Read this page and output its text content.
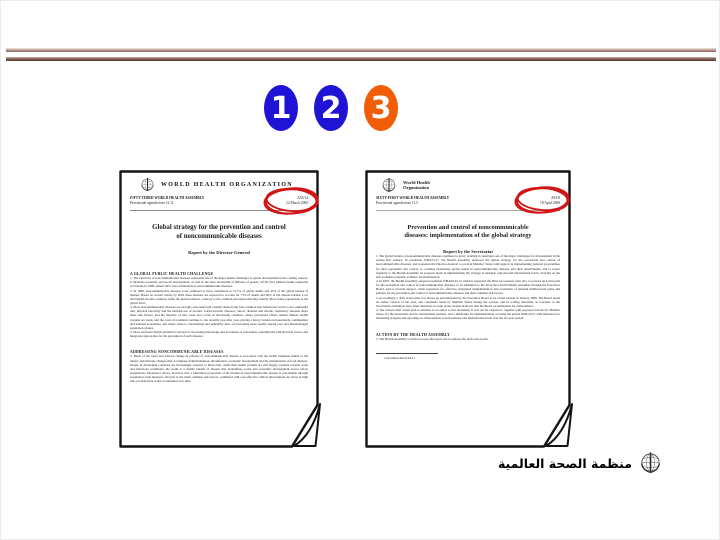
1 2 3
WORLD HEALTH ORGANIZATION
FIFTY-THIRD WORLD HEALTH ASSEMBLY	A53/14
Provisional agenda item 12.11	22 March 2000
Global strategy for the prevention and control
of noncommunicable diseases
Report by the Director-General
A GLOBAL PUBLIC HEALTH CHALLENGE

1. The rapid rise of noncommunicable diseases represents one of the major health challenges to global development in the coming century. It threatens economic and social development, as well as the lives and health of millions of people. Of the 56.5 million deaths registered worldwide in 1999, almost 60% were attributable to noncommunicable diseases.

2. In 1998, noncommunicable diseases were estimated to have contributed to 31.7% of global deaths and 43% of the global burden of disease. Based on current trends, by 2020 these diseases are expected to account for 73% of deaths and 60% of the disease burden. Low and middle income countries suffer the greatest impact, contrary to the common perception that they mainly affect richer populations at the global level.

3. Most noncommunicable diseases are strongly associated and causally linked with four common risk behaviours: tobacco use, unhealthy diet, physical inactivity and the harmful use of alcohol. Cardiovascular diseases, cancer, diabetes and chronic respiratory diseases share these risk factors, and the majority of new cases now occur in developing countries, where prevention efforts remain limited, health systems are weak, and the costs of treatment continue to rise steadily year after year, placing a heavy burden on households, communities and national economies, and where tobacco consumption and unhealthy diets are increasing most rapidly among poor and disadvantaged population groups.

4. More and more health attention is devoted to increasing knowledge and awareness of prevention, regarding the principal risk factors and integrated approaches for the prevention of such diseases.

ADDRESSING NONCOMMUNICABLE DISEASES

5. Much of the rapid and adverse change in patterns of noncommunicable disease is associated with the health transition linked to the dietary and lifestyle changes that accompany industrialization, urbanization, economic development and the globalization of food markets. People in developing countries are increasingly exposed to these risks, while their health systems are still largely oriented towards acute and infectious conditions; the result is a double burden of disease that undermines social and economic development across whole populations. Experience shows, however, that a substantial proportion of the burden of noncommunicable disease is preventable through population-wide measures directed at the main common risk factors, combined with cost-effective clinical interventions for those at high risk, provided that action is sustained over time.

World Health
Organization
SIXTY-FIRST WORLD HEALTH ASSEMBLY	A61/8
Provisional agenda item 11.5	18 April 2008
Prevention and control of noncommunicable
diseases: implementation of the global strategy
Report by the Secretariat

1. The global burden of noncommunicable diseases continues to grow; tackling it constitutes one of the major challenges for development in the twenty-first century. In resolution WHA53.17, the Health Assembly endorsed the global strategy for the prevention and control of noncommunicable diseases, and requested the Director-General to provide Member States with support in implementing national programmes for their prevention and control, to continue monitoring global trends in noncommunicable diseases and their determinants, and to report regularly to the Health Assembly on progress made in implementing the strategy at national, regional and international levels, drawing on the best available scientific evidence and information.

2. In 2007, the Health Assembly adopted resolution WHA60.23, in which it requested the Director-General, inter alia, to prepare an action plan for the prevention and control of noncommunicable diseases, to be submitted to the Sixty-first World Health Assembly through the Executive Board, and to provide support, when requested, for effective, integrated implementation and evaluation of national multisectoral plans and policies for the prevention and control of noncommunicable diseases and their common risk factors.

3. Accordingly, a draft action plan was drawn up and discussed by the Executive Board at its 122nd session in January 2008. The Board noted an earlier version of the plan, and comments made by Member States during the session, and in writing thereafter, in response to the Secretariat's invitation, have been taken into account in the revised draft text that the Board recommended for endorsement.

4. The revised draft action plan is attached as an annex to this document. It sets out six objectives, together with proposed actions for Member States, for the Secretariat and for international partners, and a timeframe for implementation covering the period 2008-2013, with indicators for measuring progress and reporting on achievements at both national and international levels over the six-year period.

ACTION BY THE HEALTH ASSEMBLY

5. The Health Assembly is invited to note the report and to endorse the draft action plan.

1 Document A61/8 Add.1
منظمة الصحة العالمية
